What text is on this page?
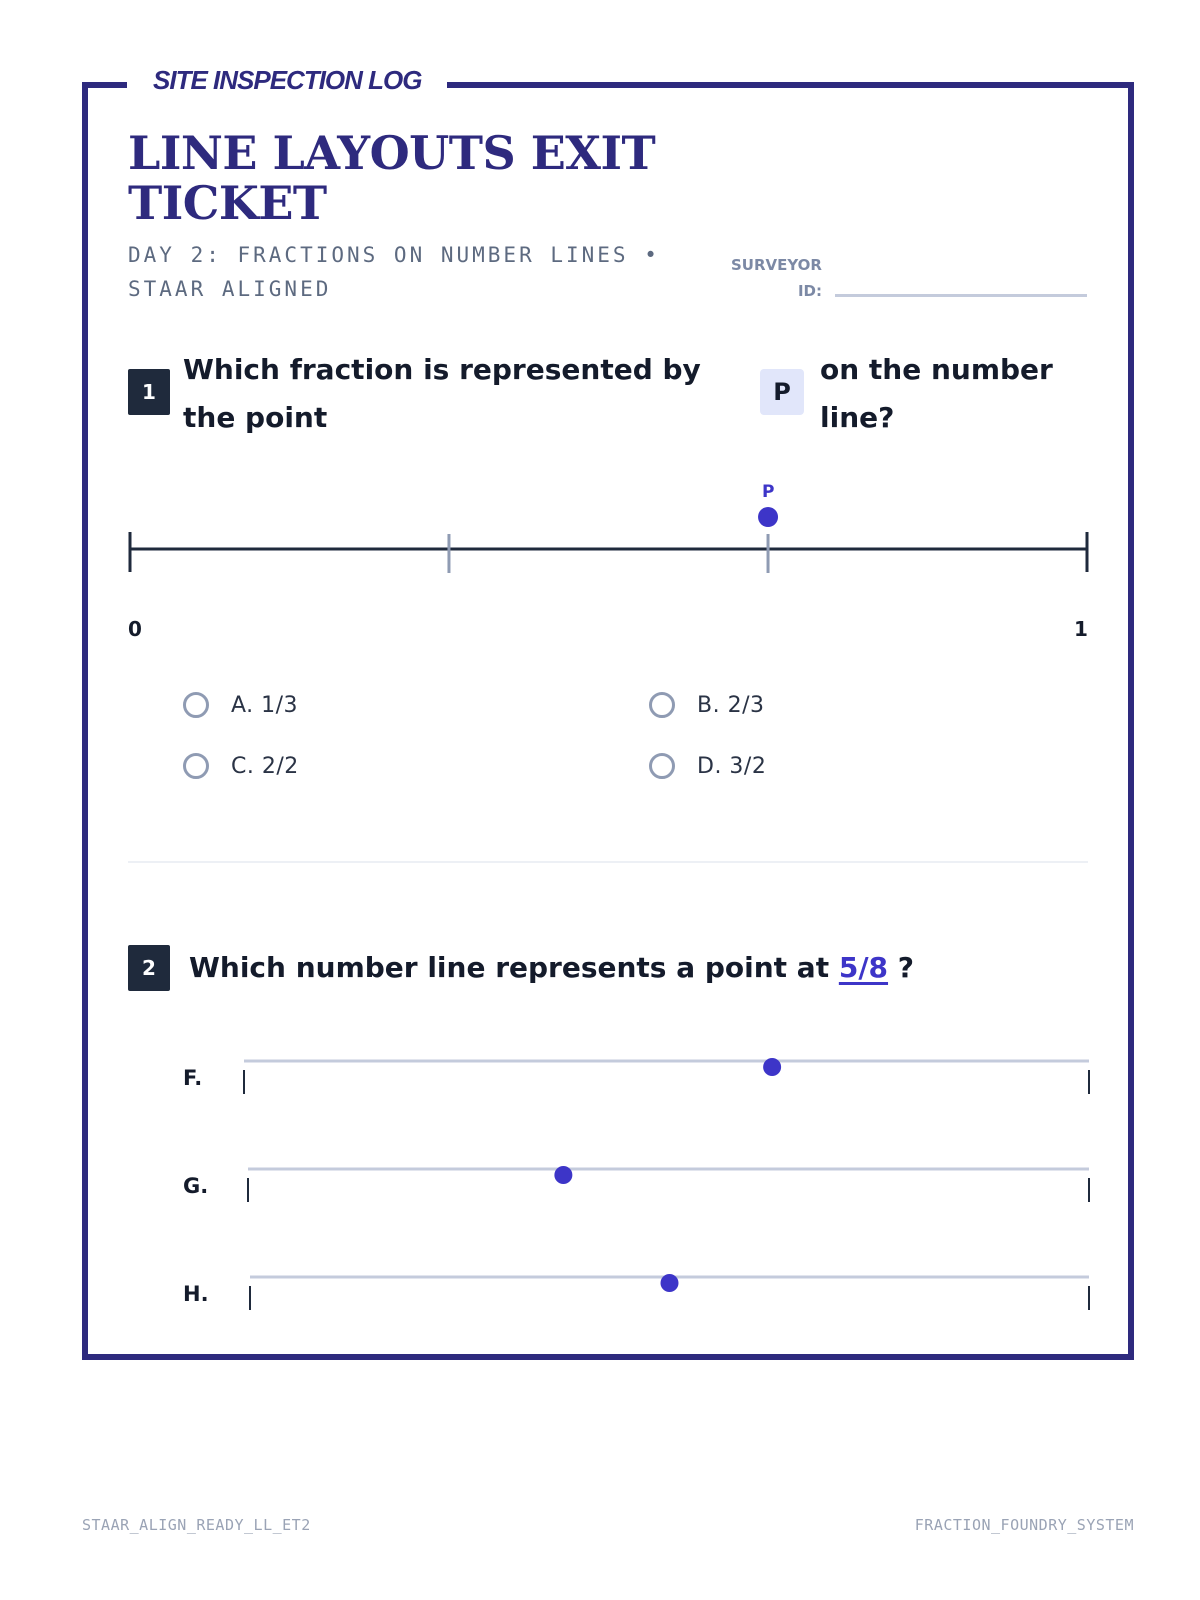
SITE INSPECTION LOG
LINE LAYOUTS EXIT TICKET
DAY 2: FRACTIONS ON NUMBER LINES • STAAR ALIGNED
SURVEYOR ID:
1
Which fraction is represented by the point
P
on the number line?
P
0	1
A. 1/3	B. 2/3
C. 2/2	D. 3/2
2	Which number line represents a point at 5/8 ?
F.
G.
H.
STAAR_ALIGN_READY_LL_ET2	FRACTION_FOUNDRY_SYSTEM
